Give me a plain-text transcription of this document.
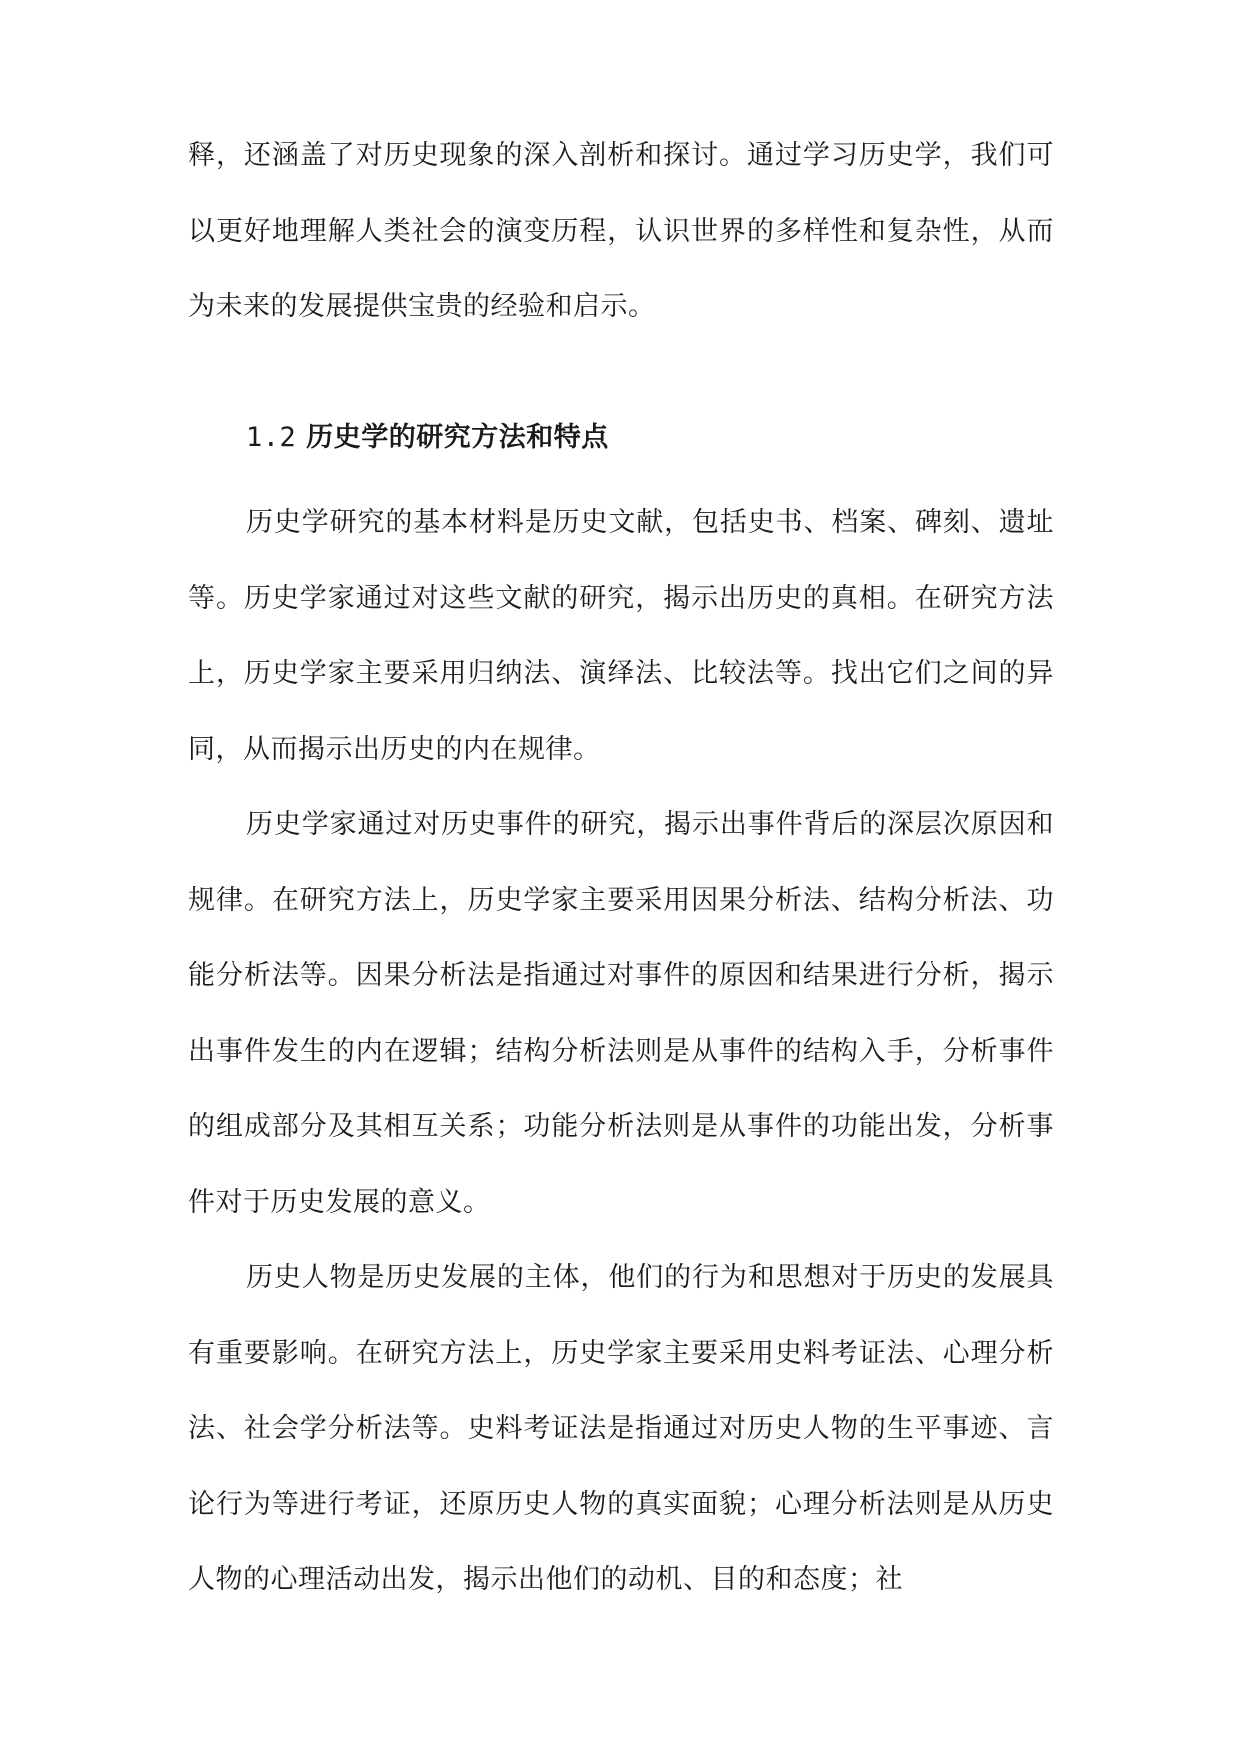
释，还涵盖了对历史现象的深入剖析和探讨。通过学习历史学，我们可以更好地理解人类社会的演变历程，认识世界的多样性和复杂性，从而为未来的发展提供宝贵的经验和启示。

1.2 历史学的研究方法和特点

历史学研究的基本材料是历史文献，包括史书、档案、碑刻、遗址等。历史学家通过对这些文献的研究，揭示出历史的真相。在研究方法上，历史学家主要采用归纳法、演绎法、比较法等。找出它们之间的异同，从而揭示出历史的内在规律。

历史学家通过对历史事件的研究，揭示出事件背后的深层次原因和规律。在研究方法上，历史学家主要采用因果分析法、结构分析法、功能分析法等。因果分析法是指通过对事件的原因和结果进行分析，揭示出事件发生的内在逻辑；结构分析法则是从事件的结构入手，分析事件的组成部分及其相互关系；功能分析法则是从事件的功能出发，分析事件对于历史发展的意义。

历史人物是历史发展的主体，他们的行为和思想对于历史的发展具有重要影响。在研究方法上，历史学家主要采用史料考证法、心理分析法、社会学分析法等。史料考证法是指通过对历史人物的生平事迹、言论行为等进行考证，还原历史人物的真实面貌；心理分析法则是从历史人物的心理活动出发，揭示出他们的动机、目的和态度；社
